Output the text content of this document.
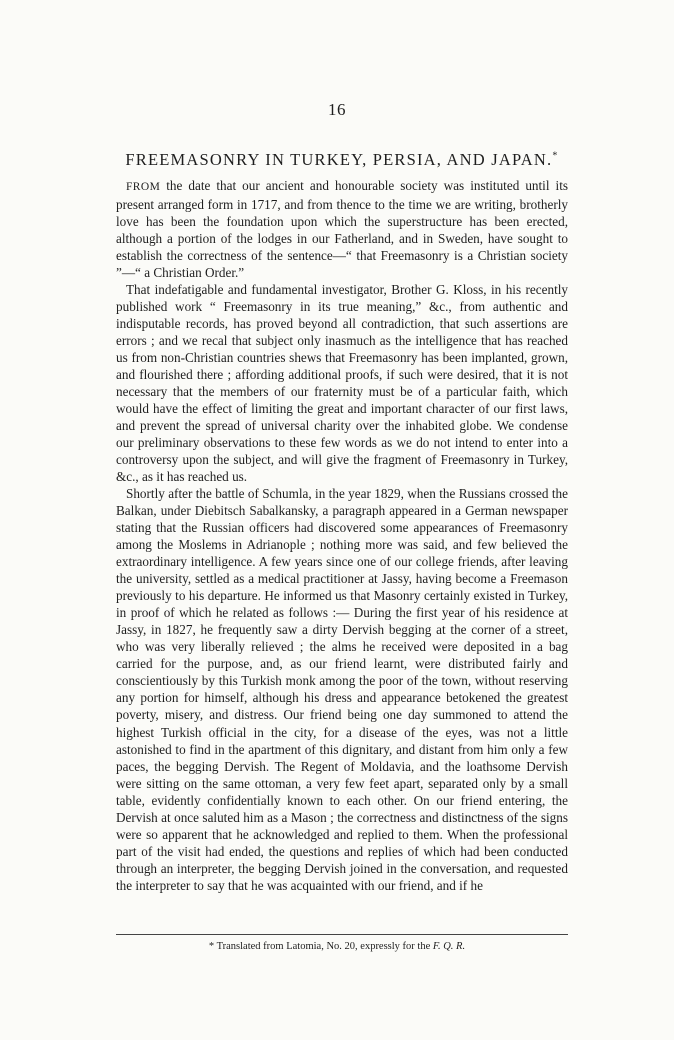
16
FREEMASONRY IN TURKEY, PERSIA, AND JAPAN.*

FROM the date that our ancient and honourable society was instituted until its present arranged form in 1717, and from thence to the time we are writing, brotherly love has been the foundation upon which the superstructure has been erected, although a portion of the lodges in our Fatherland, and in Sweden, have sought to establish the correctness of the sentence—“ that Freemasonry is a Christian society ”—“ a Christian Order.”

That indefatigable and fundamental investigator, Brother G. Kloss, in his recently published work “ Freemasonry in its true meaning,” &c., from authentic and indisputable records, has proved beyond all contradiction, that such assertions are errors ; and we recal that subject only inasmuch as the intelligence that has reached us from non-Christian countries shews that Freemasonry has been implanted, grown, and flourished there ; affording additional proofs, if such were desired, that it is not necessary that the members of our fraternity must be of a particular faith, which would have the effect of limiting the great and important character of our first laws, and prevent the spread of universal charity over the inhabited globe. We condense our preliminary observations to these few words as we do not intend to enter into a controversy upon the subject, and will give the fragment of Freemasonry in Turkey, &c., as it has reached us.

Shortly after the battle of Schumla, in the year 1829, when the Russians crossed the Balkan, under Diebitsch Sabalkansky, a paragraph appeared in a German newspaper stating that the Russian officers had discovered some appearances of Freemasonry among the Moslems in Adrianople ; nothing more was said, and few believed the extraordinary intelligence. A few years since one of our college friends, after leaving the university, settled as a medical practitioner at Jassy, having become a Freemason previously to his departure. He informed us that Masonry certainly existed in Turkey, in proof of which he related as follows :— During the first year of his residence at Jassy, in 1827, he frequently saw a dirty Dervish begging at the corner of a street, who was very liberally relieved ; the alms he received were deposited in a bag carried for the purpose, and, as our friend learnt, were distributed fairly and conscientiously by this Turkish monk among the poor of the town, without reserving any portion for himself, although his dress and appearance betokened the greatest poverty, misery, and distress. Our friend being one day summoned to attend the highest Turkish official in the city, for a disease of the eyes, was not a little astonished to find in the apartment of this dignitary, and distant from him only a few paces, the begging Dervish. The Regent of Moldavia, and the loathsome Dervish were sitting on the same ottoman, a very few feet apart, separated only by a small table, evidently confidentially known to each other. On our friend entering, the Dervish at once saluted him as a Mason ; the correctness and distinctness of the signs were so apparent that he acknowledged and replied to them. When the professional part of the visit had ended, the questions and replies of which had been conducted through an interpreter, the begging Dervish joined in the conversation, and requested the interpreter to say that he was acquainted with our friend, and if he

* Translated from Latomia, No. 20, expressly for the F. Q. R.
